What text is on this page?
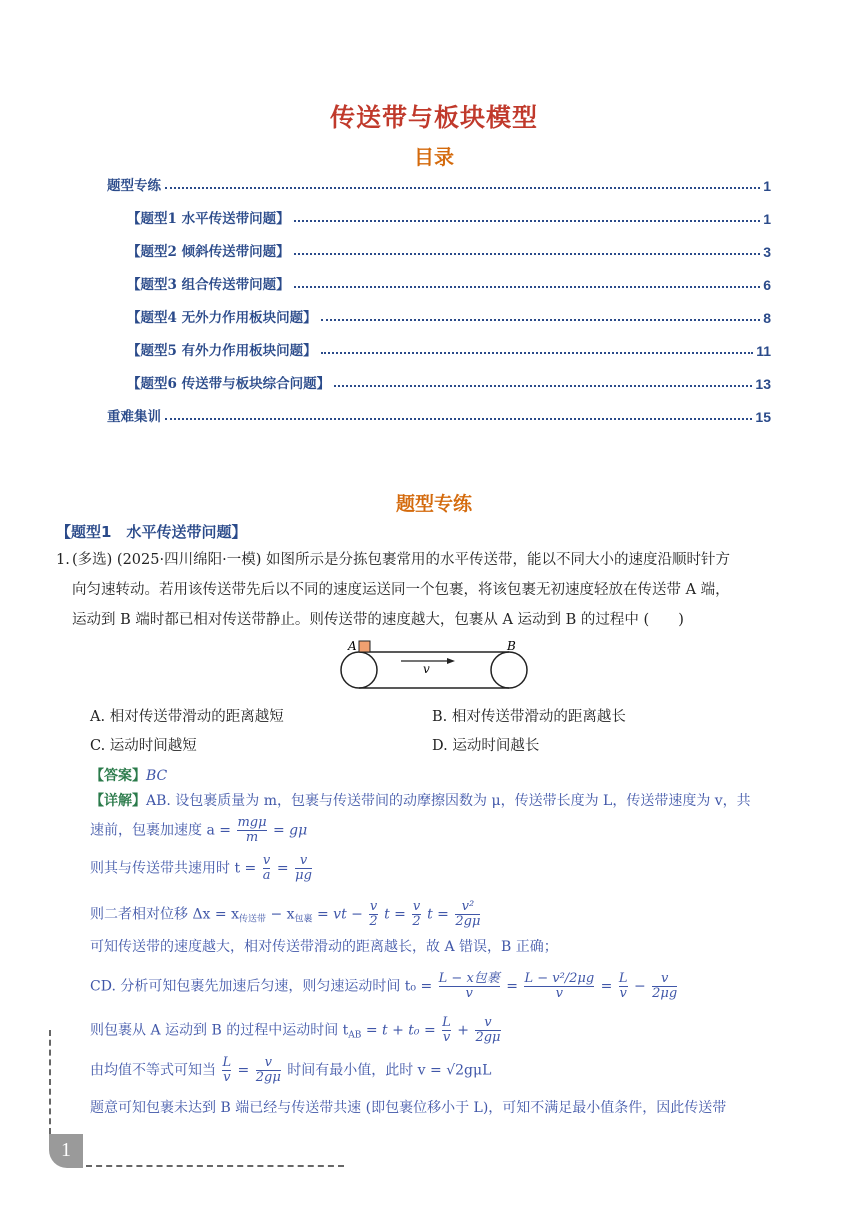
传送带与板块模型
目录
题型专练	1
【题型1 水平传送带问题】	1
【题型2 倾斜传送带问题】	3
【题型3 组合传送带问题】	6
【题型4 无外力作用板块问题】	8
【题型5 有外力作用板块问题】	11
【题型6 传送带与板块综合问题】	13
重难集训	15
题型专练
【题型1　水平传送带问题】
1. (多选) (2025·四川绵阳·一模) 如图所示是分拣包裹常用的水平传送带，能以不同大小的速度沿顺时针方
向匀速转动。若用该传送带先后以不同的速度运送同一个包裹，将该包裹无初速度轻放在传送带 A 端，
运动到 B 端时都已相对传送带静止。则传送带的速度越大，包裹从 A 运动到 B 的过程中 (　　)
A	B
v
A. 相对传送带滑动的距离越短	B. 相对传送带滑动的距离越长
C. 运动时间越短	D. 运动时间越长
【答案】BC
【详解】AB. 设包裹质量为 m，包裹与传送带间的动摩擦因数为 μ，传送带长度为 L，传送带速度为 v，共
速前，包裹加速度 $a = \frac{\text{mgμ}}{m} = g\mu$
则其与传送带共速用时 $t = \frac{v}{a} = \frac{v}{\mu g}$
则二者相对位移 $\Delta x = x_{传送带} - x_{包裹}$ = vt − $\frac{v}{2}$ $t = \frac{v}{2}$ $t = \frac{\text{v²}}{2g\mu}$
可知传送带的速度越大，相对传送带滑动的距离越长，故 A 错误，B 正确；
CD. 分析可知包裹先加速后匀速，则匀速运动时间 $t_0 = \frac{\text{L − x包裹}}{v} = \frac{\text{L − v²/2μg}}{v} = \frac{L}{v} - \frac{v}{2\mu g}$
则包裹从 A 运动到 B 的过程中运动时间 $t_{AB} = t + t_0 = \frac{L}{v} + \frac{v}{2g\mu}$
由均值不等式可知当 $\frac{L}{v} = \frac{v}{2g\mu}$ 时间有最小值，此时 v = √2gμL
题意可知包裹未达到 B 端已经与传送带共速 (即包裹位移小于 L)，可知不满足最小值条件，因此传送带
1
